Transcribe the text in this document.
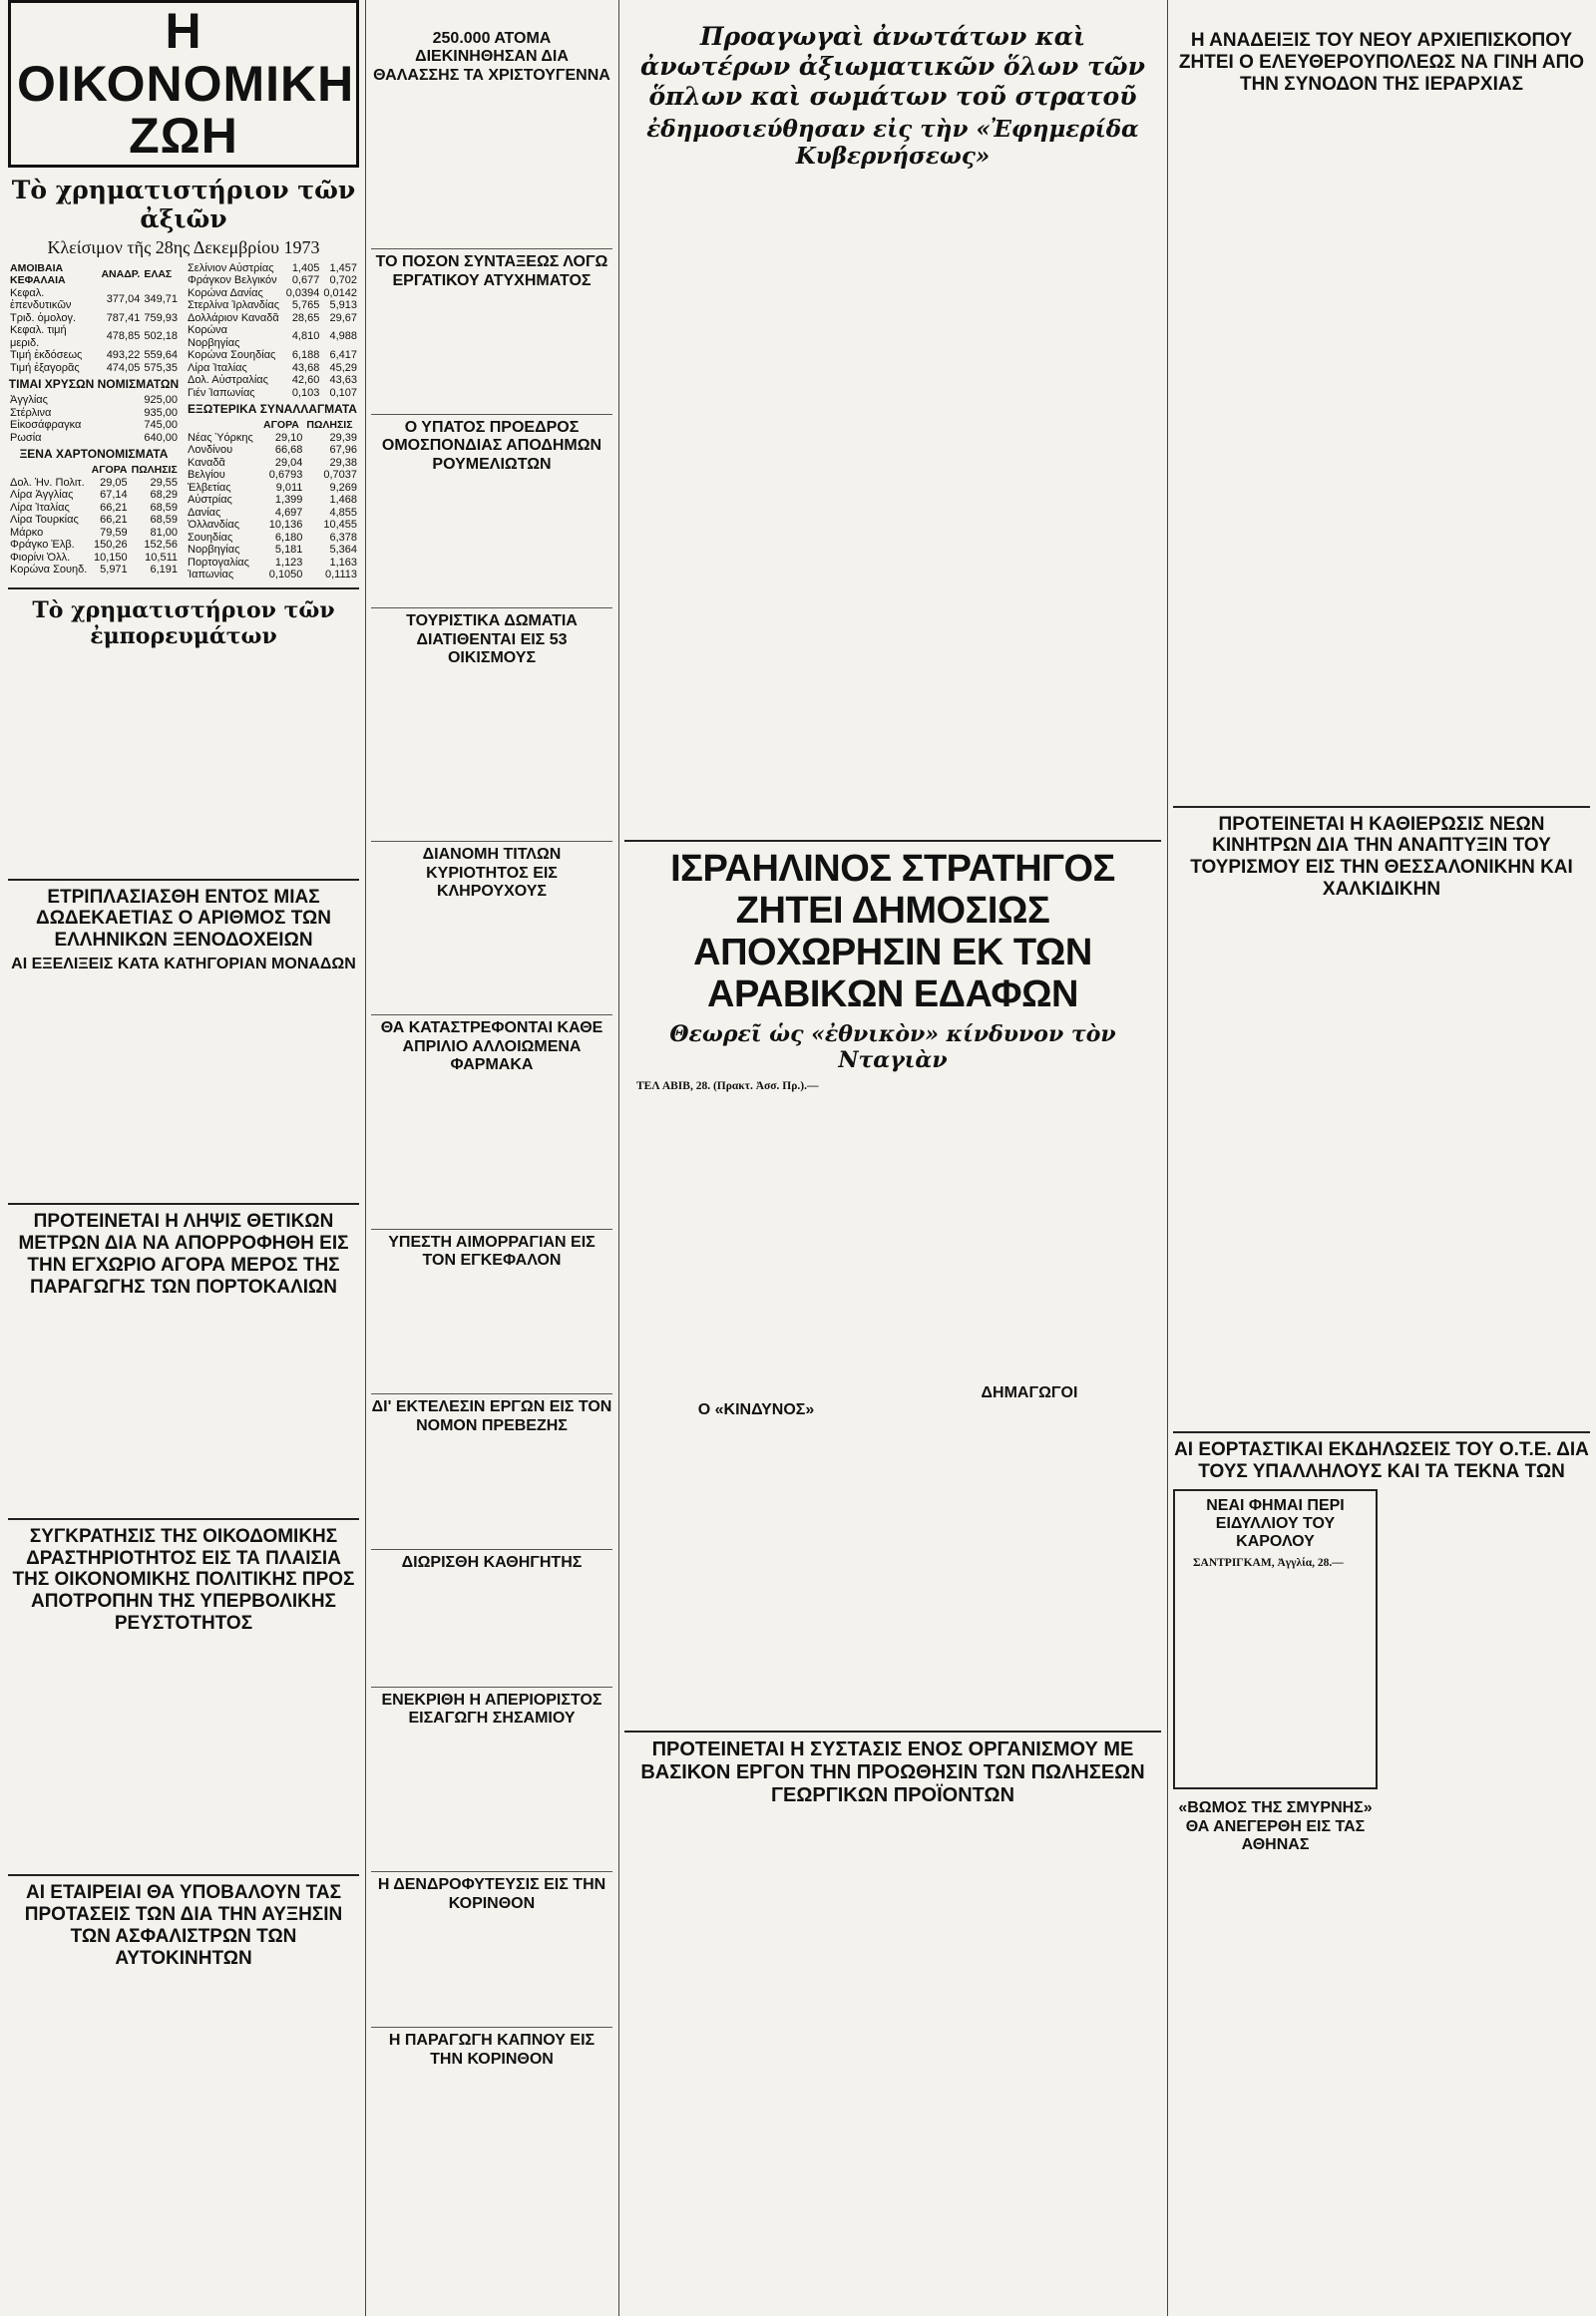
Η ΟΙΚΟΝΟΜΙΚΗ ΖΩΗ
Τὸ χρηματιστήριον τῶν ἀξιῶν
Κλείσιμον τῆς 28ης Δεκεμβρίου 1973
ΑΜΟΙΒΑΙΑ ΚΕΦΑΛΑΙΑ	ΑΝΑΔΡ.	ΕΛΑΣ
Κεφαλ. ἐπενδυτικῶν	377,04	349,71
Τριδ. ὁμολογ.	787,41	759,93
Κεφαλ. τιμή μεριδ.	478,85	502,18
Τιμή ἐκδόσεως	493,22	559,64
Τιμή ἐξαγορᾶς	474,05	575,35
ΤΙΜΑΙ ΧΡΥΣΩΝ ΝΟΜΙΣΜΑΤΩΝ
Ἀγγλίας	925,00
Στέρλινα	935,00
Εἰκοσάφραγκα	745,00
Ρωσία	640,00
ΞΕΝΑ ΧΑΡΤΟΝΟΜΙΣΜΑΤΑ
	ΑΓΟΡΑ	ΠΩΛΗΣΙΣ
Δολ. Ἡν. Πολιτ.	29,05	29,55
Λίρα Ἀγγλίας	67,14	68,29
Λίρα Ἰταλίας	66,21	68,59
Λίρα Τουρκίας	66,21	68,59
Μάρκο	79,59	81,00
Φράγκο Ἑλβ.	150,26	152,56
Φιορίνι Ὁλλ.	10,150	10,511
Κορώνα Σουηδ.	5,971	6,191
Σελίνιον Αὐστρίας	1,405	1,457
Φράγκον Βελγικόν	0,677	0,702
Κορώνα Δανίας	0,0394	0,0142
Στερλίνα Ἰρλανδίας	5,765	5,913
Δολλάριον Καναδᾶ	28,65	29,67
Κορώνα Νορβηγίας	4,810	4,988
Κορώνα Σουηδίας	6,188	6,417
Λίρα Ἰταλίας	43,68	45,29
Δολ. Αὐστραλίας	42,60	43,63
Γιέν Ἰαπωνίας	0,103	0,107
ΕΞΩΤΕΡΙΚΑ ΣΥΝΑΛΛΑΓΜΑΤΑ
	ΑΓΟΡΑ	ΠΩΛΗΣΙΣ
Νέας Ὑόρκης	29,10	29,39
Λονδίνου	66,68	67,96
Καναδᾶ	29,04	29,38
Βελγίου	0,6793	0,7037
Ἑλβετίας	9,011	9,269
Αὐστρίας	1,399	1,468
Δανίας	4,697	4,855
Ὁλλανδίας	10,136	10,455
Σουηδίας	6,180	6,378
Νορβηγίας	5,181	5,364
Πορτογαλίας	1,123	1,163
Ἰαπωνίας	0,1050	0,1113
Τὸ χρηματιστήριον τῶν ἐμπορευμάτων
ΕΤΡΙΠΛΑΣΙΑΣΘΗ ΕΝΤΟΣ ΜΙΑΣ ΔΩΔΕΚΑΕΤΙΑΣ Ο ΑΡΙΘΜΟΣ ΤΩΝ ΕΛΛΗΝΙΚΩΝ ΞΕΝΟΔΟΧΕΙΩΝ
ΑΙ ΕΞΕΛΙΞΕΙΣ ΚΑΤΑ ΚΑΤΗΓΟΡΙΑΝ ΜΟΝΑΔΩΝ
ΠΡΟΤΕΙΝΕΤΑΙ Η ΛΗΨΙΣ ΘΕΤΙΚΩΝ ΜΕΤΡΩΝ ΔΙΑ ΝΑ ΑΠΟΡΡΟΦΗΘΗ ΕΙΣ ΤΗΝ ΕΓΧΩΡΙΟ ΑΓΟΡΑ ΜΕΡΟΣ ΤΗΣ ΠΑΡΑΓΩΓΗΣ ΤΩΝ ΠΟΡΤΟΚΑΛΙΩΝ
ΣΥΓΚΡΑΤΗΣΙΣ ΤΗΣ ΟΙΚΟΔΟΜΙΚΗΣ ΔΡΑΣΤΗΡΙΟΤΗΤΟΣ ΕΙΣ ΤΑ ΠΛΑΙΣΙΑ ΤΗΣ ΟΙΚΟΝΟΜΙΚΗΣ ΠΟΛΙΤΙΚΗΣ ΠΡΟΣ ΑΠΟΤΡΟΠΗΝ ΤΗΣ ΥΠΕΡΒΟΛΙΚΗΣ ΡΕΥΣΤΟΤΗΤΟΣ
ΑΙ ΕΤΑΙΡΕΙΑΙ ΘΑ ΥΠΟΒΑΛΟΥΝ ΤΑΣ ΠΡΟΤΑΣΕΙΣ ΤΩΝ ΔΙΑ ΤΗΝ ΑΥΞΗΣΙΝ ΤΩΝ ΑΣΦΑΛΙΣΤΡΩΝ ΤΩΝ ΑΥΤΟΚΙΝΗΤΩΝ
250.000 ΑΤΟΜΑ ΔΙΕΚΙΝΗΘΗΣΑΝ ΔΙΑ ΘΑΛΑΣΣΗΣ ΤΑ ΧΡΙΣΤΟΥΓΕΝΝΑ
ΤΟ ΠΟΣΟΝ ΣΥΝΤΑΞΕΩΣ ΛΟΓΩ ΕΡΓΑΤΙΚΟΥ ΑΤΥΧΗΜΑΤΟΣ
Ο ΥΠΑΤΟΣ ΠΡΟΕΔΡΟΣ ΟΜΟΣΠΟΝΔΙΑΣ ΑΠΟΔΗΜΩΝ ΡΟΥΜΕΛΙΩΤΩΝ
ΤΟΥΡΙΣΤΙΚΑ ΔΩΜΑΤΙΑ ΔΙΑΤΙΘΕΝΤΑΙ ΕΙΣ 53 ΟΙΚΙΣΜΟΥΣ
ΔΙΑΝΟΜΗ ΤΙΤΛΩΝ ΚΥΡΙΟΤΗΤΟΣ ΕΙΣ ΚΛΗΡΟΥΧΟΥΣ
ΘΑ ΚΑΤΑΣΤΡΕΦΟΝΤΑΙ ΚΑΘΕ ΑΠΡΙΛΙΟ ΑΛΛΟΙΩΜΕΝΑ ΦΑΡΜΑΚΑ
ΥΠΕΣΤΗ ΑΙΜΟΡΡΑΓΙΑΝ ΕΙΣ ΤΟΝ ΕΓΚΕΦΑΛΟΝ
ΔΙ' ΕΚΤΕΛΕΣΙΝ ΕΡΓΩΝ ΕΙΣ ΤΟΝ ΝΟΜΟΝ ΠΡΕΒΕΖΗΣ
ΔΙΩΡΙΣΘΗ ΚΑΘΗΓΗΤΗΣ
ΕΝΕΚΡΙΘΗ Η ΑΠΕΡΙΟΡΙΣΤΟΣ ΕΙΣΑΓΩΓΗ ΣΗΣΑΜΙΟΥ
Η ΔΕΝΔΡΟΦΥΤΕΥΣΙΣ ΕΙΣ ΤΗΝ ΚΟΡΙΝΘΟΝ
Η ΠΑΡΑΓΩΓΗ ΚΑΠΝΟΥ ΕΙΣ ΤΗΝ ΚΟΡΙΝΘΟΝ
Προαγωγαὶ ἀνωτάτων καὶ ἀνωτέρων ἀξιωματικῶν ὅλων τῶν ὅπλων καὶ σωμάτων τοῦ στρατοῦ
ἐδημοσιεύθησαν εἰς τὴν «Ἐφημερίδα Κυβερνήσεως»
ΙΣΡΑΗΛΙΝΟΣ ΣΤΡΑΤΗΓΟΣ ΖΗΤΕΙ ΔΗΜΟΣΙΩΣ ΑΠΟΧΩΡΗΣΙΝ ΕΚ ΤΩΝ ΑΡΑΒΙΚΩΝ ΕΔΑΦΩΝ
Θεωρεῖ ὡς «ἐθνικὸν» κίνδυνον τὸν Νταγιὰν

ΤΕΛ ΑΒΙΒ, 28. (Πρακτ. Ἀσσ. Πρ.).—

Ο «ΚΙΝΔΥΝΟΣ»
ΔΗΜΑΓΩΓΟΙ
ΠΡΟΤΕΙΝΕΤΑΙ Η ΣΥΣΤΑΣΙΣ ΕΝΟΣ ΟΡΓΑΝΙΣΜΟΥ ΜΕ ΒΑΣΙΚΟΝ ΕΡΓΟΝ ΤΗΝ ΠΡΟΩΘΗΣΙΝ ΤΩΝ ΠΩΛΗΣΕΩΝ ΓΕΩΡΓΙΚΩΝ ΠΡΟΪΟΝΤΩΝ
Η ΑΝΑΔΕΙΞΙΣ ΤΟΥ ΝΕΟΥ ΑΡΧΙΕΠΙΣΚΟΠΟΥ ΖΗΤΕΙ Ο ΕΛΕΥΘΕΡΟΥΠΟΛΕΩΣ ΝΑ ΓΙΝΗ ΑΠΟ ΤΗΝ ΣΥΝΟΔΟΝ ΤΗΣ ΙΕΡΑΡΧΙΑΣ
ΠΡΟΤΕΙΝΕΤΑΙ Η ΚΑΘΙΕΡΩΣΙΣ ΝΕΩΝ ΚΙΝΗΤΡΩΝ ΔΙΑ ΤΗΝ ΑΝΑΠΤΥΞΙΝ ΤΟΥ ΤΟΥΡΙΣΜΟΥ ΕΙΣ ΤΗΝ ΘΕΣΣΑΛΟΝΙΚΗΝ ΚΑΙ ΧΑΛΚΙΔΙΚΗΝ
ΑΙ ΕΟΡΤΑΣΤΙΚΑΙ ΕΚΔΗΛΩΣΕΙΣ ΤΟΥ Ο.Τ.Ε. ΔΙΑ ΤΟΥΣ ΥΠΑΛΛΗΛΟΥΣ ΚΑΙ ΤΑ ΤΕΚΝΑ ΤΩΝ
ΝΕΑΙ ΦΗΜΑΙ ΠΕΡΙ ΕΙΔΥΛΛΙΟΥ ΤΟΥ ΚΑΡΟΛΟΥ

ΣΑΝΤΡΙΓΚΑΜ, Ἀγγλία, 28.—

«ΒΩΜΟΣ ΤΗΣ ΣΜΥΡΝΗΣ» ΘΑ ΑΝΕΓΕΡΘΗ ΕΙΣ ΤΑΣ ΑΘΗΝΑΣ
